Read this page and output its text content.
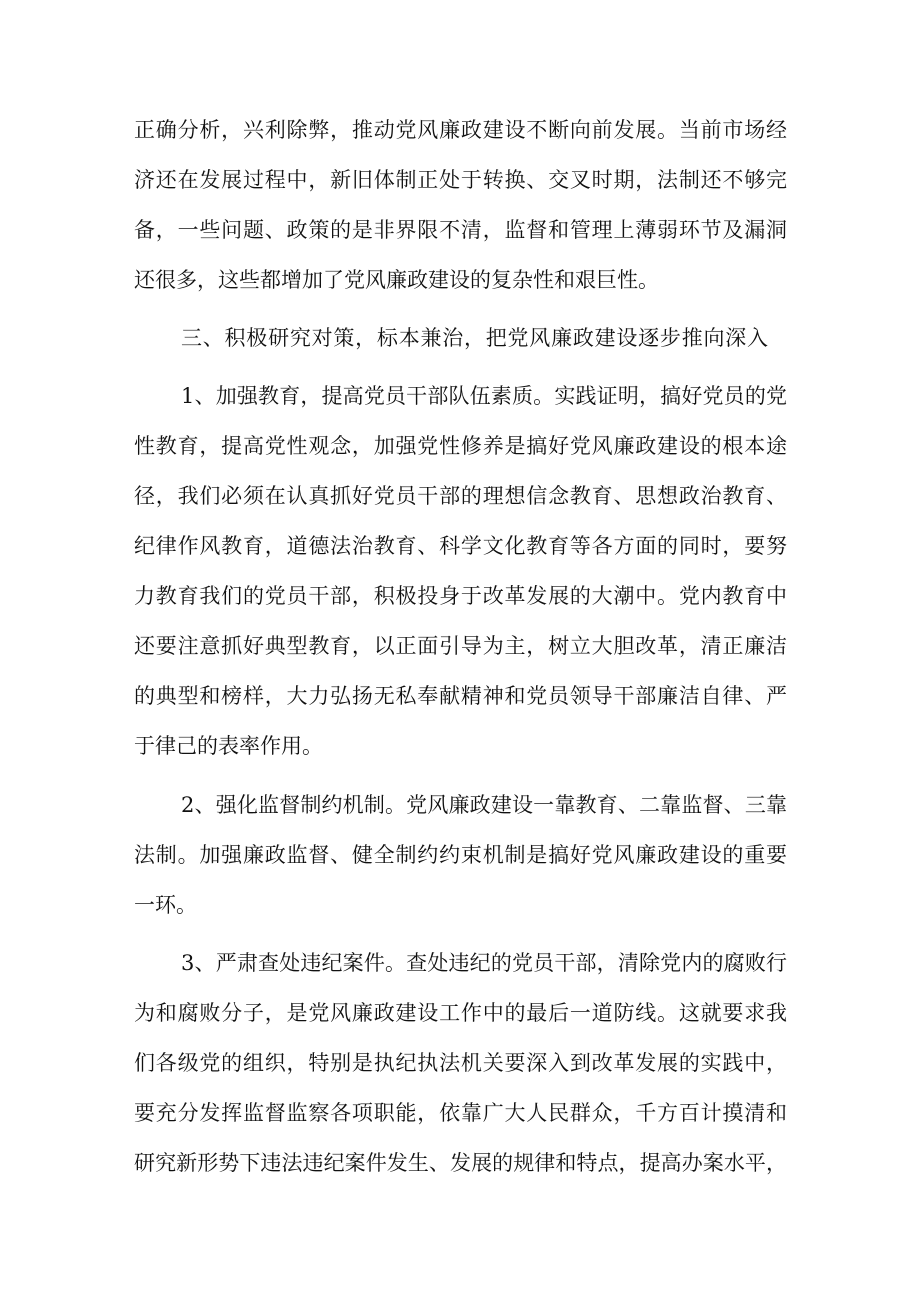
正确分析，兴利除弊，推动党风廉政建设不断向前发展。当前市场经
济还在发展过程中，新旧体制正处于转换、交叉时期，法制还不够完
备，一些问题、政策的是非界限不清，监督和管理上薄弱环节及漏洞
还很多，这些都增加了党风廉政建设的复杂性和艰巨性。
三、积极研究对策，标本兼治，把党风廉政建设逐步推向深入
1、加强教育，提高党员干部队伍素质。实践证明，搞好党员的党
性教育，提高党性观念，加强党性修养是搞好党风廉政建设的根本途
径，我们必须在认真抓好党员干部的理想信念教育、思想政治教育、
纪律作风教育，道德法治教育、科学文化教育等各方面的同时，要努
力教育我们的党员干部，积极投身于改革发展的大潮中。党内教育中
还要注意抓好典型教育，以正面引导为主，树立大胆改革，清正廉洁
的典型和榜样，大力弘扬无私奉献精神和党员领导干部廉洁自律、严
于律己的表率作用。
2、强化监督制约机制。党风廉政建设一靠教育、二靠监督、三靠
法制。加强廉政监督、健全制约约束机制是搞好党风廉政建设的重要
一环。
3、严肃查处违纪案件。查处违纪的党员干部，清除党内的腐败行
为和腐败分子，是党风廉政建设工作中的最后一道防线。这就要求我
们各级党的组织，特别是执纪执法机关要深入到改革发展的实践中，
要充分发挥监督监察各项职能，依靠广大人民群众，千方百计摸清和
研究新形势下违法违纪案件发生、发展的规律和特点，提高办案水平，
